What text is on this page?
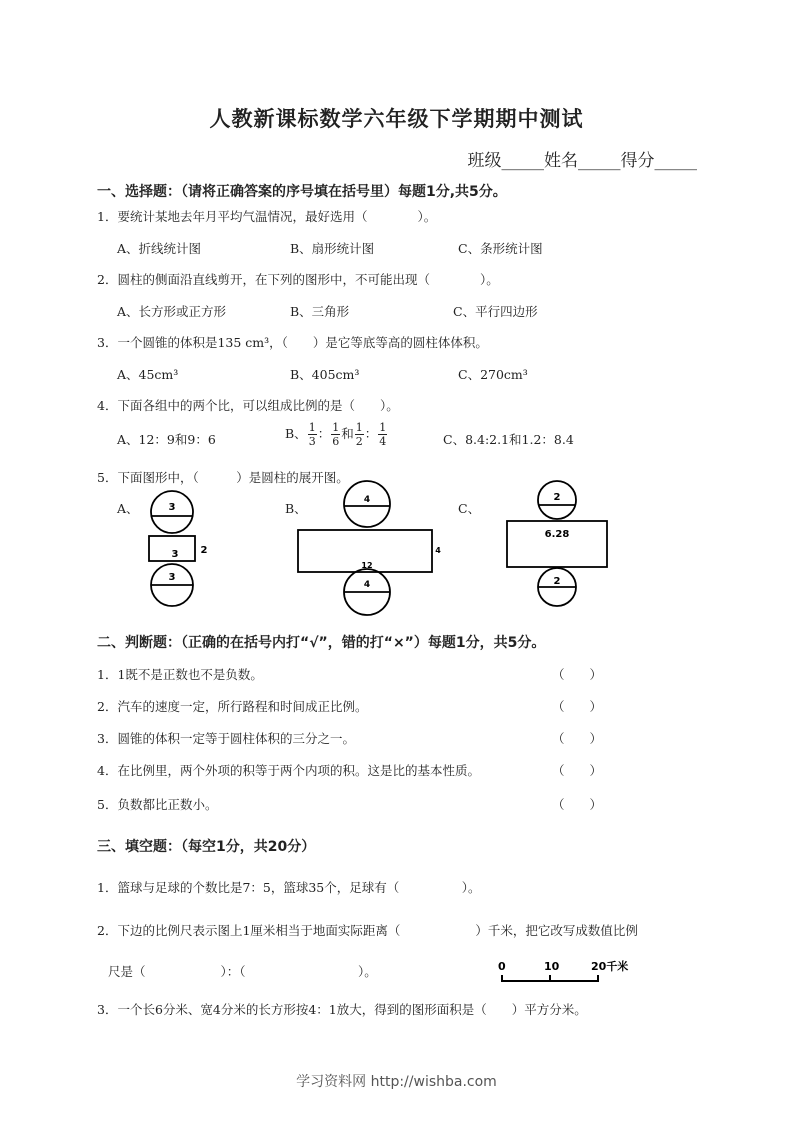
人教新课标数学六年级下学期期中测试
班级_____姓名_____得分_____
一、选择题：（请将正确答案的序号填在括号里）每题1分,共5分。
1．要统计某地去年月平均气温情况，最好选用（　　　　）。
A、折线统计图	B、扇形统计图	C、条形统计图
2．圆柱的侧面沿直线剪开，在下列的图形中，不可能出现（　　　　）。
A、长方形或正方形	B、三角形	C、平行四边形
3．一个圆锥的体积是135 cm³，（　　）是它等底等高的圆柱体体积。
A、45cm³	B、405cm³	C、270cm³
4．下面各组中的两个比，可以组成比例的是（　　）。
A、12：9和9：6	B、 $\frac{1}{3}$ ： $\frac{1}{6}$ 和 $\frac{1}{2}$ ： $\frac{1}{4}$	C、8.4:2.1和1.2：8.4
5．下面图形中，（　　　）是圆柱的展开图。
A、	B、	C、
3
3 2
3
4
12
4
4
2
6.28
2
二、判断题：（正确的在括号内打“√”，错的打“×”）每题1分，共5分。
1．1既不是正数也不是负数。	（　　）
2．汽车的速度一定，所行路程和时间成正比例。	（　　）
3．圆锥的体积一定等于圆柱体积的三分之一。	（　　）
4．在比例里，两个外项的积等于两个内项的积。这是比的基本性质。	（　　）
5．负数都比正数小。	（　　）
三、填空题：（每空1分，共20分）
1．篮球与足球的个数比是7：5，篮球35个，足球有（　　　　　）。
2．下边的比例尺表示图上1厘米相当于地面实际距离（　　　　　　）千米，把它改写成数值比例
尺是（　　　　　　）：（　　　　　　　　　）。	0	10	20千米
3．一个长6分米、宽4分米的长方形按4：1放大，得到的图形面积是（　　）平方分米。
学习资料网 http://wishba.com
